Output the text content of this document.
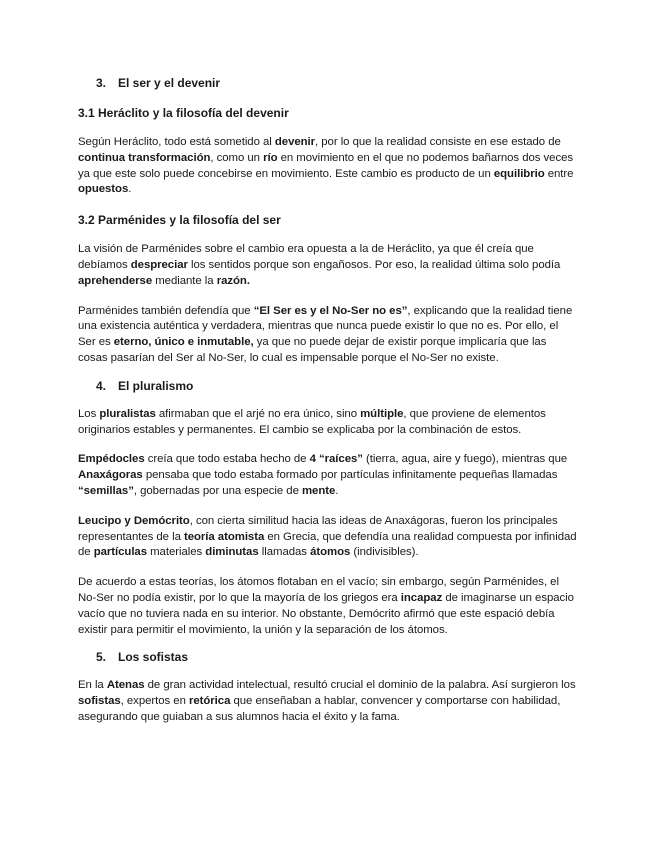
3. El ser y el devenir
3.1 Heráclito y la filosofía del devenir

Según Heráclito, todo está sometido al devenir, por lo que la realidad consiste en ese estado de continua transformación, como un río en movimiento en el que no podemos bañarnos dos veces ya que este solo puede concebirse en movimiento. Este cambio es producto de un equilibrio entre opuestos.

3.2 Parménides y la filosofía del ser

La visión de Parménides sobre el cambio era opuesta a la de Heráclito, ya que él creía que debíamos despreciar los sentidos porque son engañosos. Por eso, la realidad última solo podía aprehenderse mediante la razón.

Parménides también defendía que “El Ser es y el No-Ser no es”, explicando que la realidad tiene una existencia auténtica y verdadera, mientras que nunca puede existir lo que no es. Por ello, el Ser es eterno, único e inmutable, ya que no puede dejar de existir porque implicaría que las cosas pasarían del Ser al No-Ser, lo cual es impensable porque el No-Ser no existe.

4. El pluralismo

Los pluralistas afirmaban que el arjé no era único, sino múltiple, que proviene de elementos originarios estables y permanentes. El cambio se explicaba por la combinación de estos.

Empédocles creía que todo estaba hecho de 4 “raíces” (tierra, agua, aire y fuego), mientras que Anaxágoras pensaba que todo estaba formado por partículas infinitamente pequeñas llamadas “semillas”, gobernadas por una especie de mente.

Leucipo y Demócrito, con cierta similitud hacia las ideas de Anaxágoras, fueron los principales representantes de la teoría atomista en Grecia, que defendía una realidad compuesta por infinidad de partículas materiales diminutas llamadas átomos (indivisibles).

De acuerdo a estas teorías, los átomos flotaban en el vacío; sin embargo, según Parménides, el No-Ser no podía existir, por lo que la mayoría de los griegos era incapaz de imaginarse un espacio vacío que no tuviera nada en su interior. No obstante, Demócrito afirmó que este espació debía existir para permitir el movimiento, la unión y la separación de los átomos.

5. Los sofistas

En la Atenas de gran actividad intelectual, resultó crucial el dominio de la palabra. Así surgieron los sofistas, expertos en retórica que enseñaban a hablar, convencer y comportarse con habilidad, asegurando que guiaban a sus alumnos hacia el éxito y la fama.
